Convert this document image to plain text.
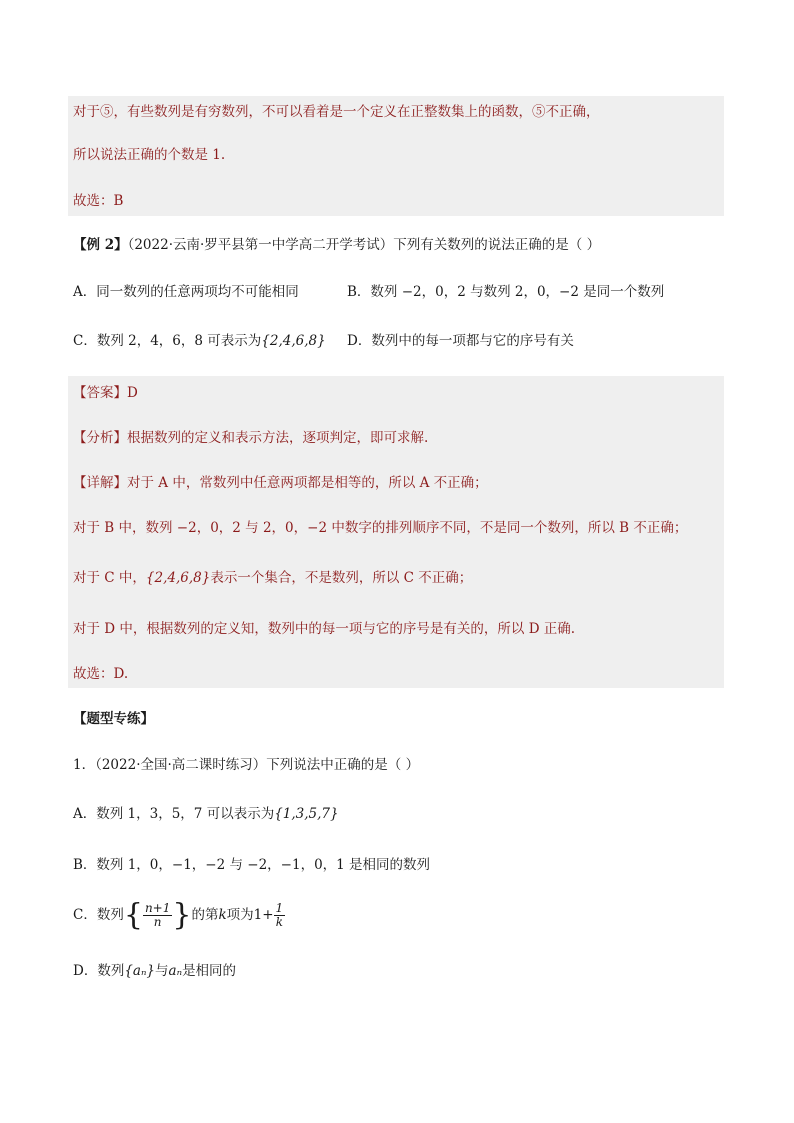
对于⑤，有些数列是有穷数列，不可以看着是一个定义在正整数集上的函数，⑤不正确，
所以说法正确的个数是 1.
故选：B
【例 2】（2022·云南·罗平县第一中学高二开学考试）下列有关数列的说法正确的是（ ）
A．同一数列的任意两项均不可能相同	B．数列 −2，0，2 与数列 2，0，−2 是同一个数列
C．数列 2，4，6，8 可表示为{2,4,6,8} D．数列中的每一项都与它的序号有关
【答案】D
【分析】根据数列的定义和表示方法，逐项判定，即可求解.
【详解】对于 A 中，常数列中任意两项都是相等的，所以 A 不正确；
对于 B 中，数列 −2，0，2 与 2，0，−2 中数字的排列顺序不同，不是同一个数列，所以 B 不正确；
对于 C 中，{2,4,6,8}表示一个集合，不是数列，所以 C 不正确；
对于 D 中，根据数列的定义知，数列中的每一项与它的序号是有关的，所以 D 正确.
故选：D.
【题型专练】
1．（2022·全国·高二课时练习）下列说法中正确的是（ ）
A．数列 1，3，5，7 可以表示为{1,3,5,7}
B．数列 1，0，−1，−2 与 −2，−1，0，1 是相同的数列
C．数列{ $\frac{n+1}{n}$ }的第k项为$1+ \frac{1}{k}$
D．数列{aₙ}与aₙ是相同的
